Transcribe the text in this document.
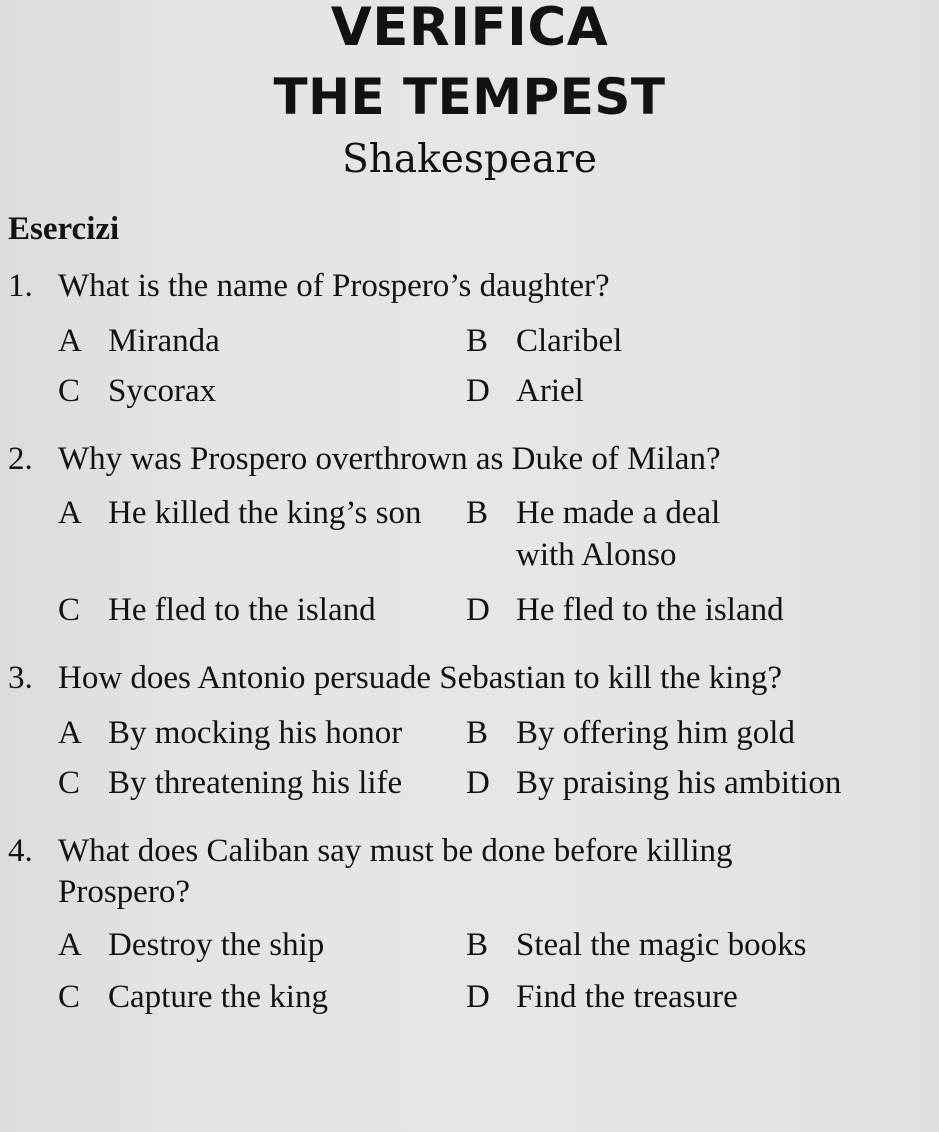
VERIFICA
THE TEMPEST
Shakespeare
Esercizi
1. What is the name of Prospero’s daughter?
A Miranda	B Claribel
C Sycorax	D Ariel
2. Why was Prospero overthrown as Duke of Milan?
A He killed the king’s son B He made a deal
with Alonso
C He fled to the island	D He fled to the island
3. How does Antonio persuade Sebastian to kill the king?
A By mocking his honor B By offering him gold
C By threatening his life D By praising his ambition
4. What does Caliban say must be done before killing
Prospero?
A Destroy the ship	B Steal the magic books
C Capture the king	D Find the treasure
